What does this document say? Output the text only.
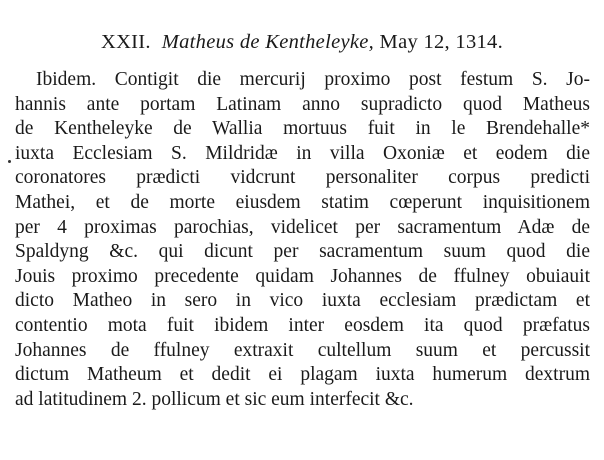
XXII. Matheus de Kentheleyke, May 12, 1314.
Ibidem. Contigit die mercurij proximo post festum S. Jo-
hannis ante portam Latinam anno supradicto quod Matheus
de Kentheleyke de Wallia mortuus fuit in le Brendehalle*
iuxta Ecclesiam S. Mildridæ in villa Oxoniæ et eodem die
coronatores prædicti vidcrunt personaliter corpus predicti
Mathei, et de morte eiusdem statim cœperunt inquisitionem
per 4 proximas parochias, videlicet per sacramentum Adæ de
Spaldyng &c. qui dicunt per sacramentum suum quod die
Jouis proximo precedente quidam Johannes de ffulney obuiauit
dicto Matheo in sero in vico iuxta ecclesiam prædictam et
contentio mota fuit ibidem inter eosdem ita quod præfatus
Johannes de ffulney extraxit cultellum suum et percussit
dictum Matheum et dedit ei plagam iuxta humerum dextrum
ad latitudinem 2. pollicum et sic eum interfecit &c.
